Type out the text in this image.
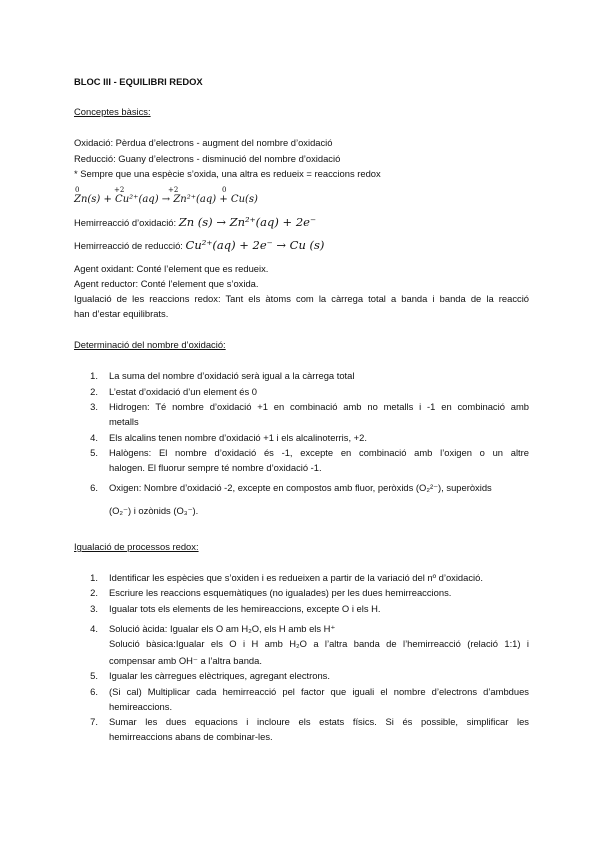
BLOC III - EQUILIBRI REDOX
Conceptes bàsics:
Oxidació: Pèrdua d’electrons - augment del nombre d’oxidació
Reducció: Guany d’electrons - disminució del nombre d’oxidació
* Sempre que una espècie s’oxida, una altra es redueix = reaccions redox
0	+2	+2	0
Zn(s) + Cu²⁺(aq) → Zn²⁺(aq) + Cu(s)
Hemirreacció d’oxidació: Zn (s) → Zn²⁺(aq) + 2e⁻
Hemirreacció de reducció: Cu²⁺(aq) + 2e⁻ → Cu (s)
Agent oxidant: Conté l’element que es redueix.
Agent reductor: Conté l’element que s’oxida.
Igualació de les reaccions redox: Tant els àtoms com la càrrega total a banda i banda de la reacció
han d’estar equilibrats.
Determinació del nombre d’oxidació:
1. La suma del nombre d’oxidació serà igual a la càrrega total
2. L’estat d’oxidació d’un element és 0
3. Hidrogen: Té nombre d’oxidació +1 en combinació amb no metalls i -1 en combinació amb
metalls
4. Els alcalins tenen nombre d’oxidació +1 i els alcalinoterris, +2.
5. Halògens: El nombre d’oxidació és -1, excepte en combinació amb l’oxigen o un altre
halogen. El fluorur sempre té nombre d’oxidació -1.
6. Oxigen: Nombre d’oxidació -2, excepte en compostos amb fluor, peròxids (O₂²⁻), superòxids
(O₂⁻) i ozònids (O₃⁻).
Igualació de processos redox:
1. Identificar les espècies que s’oxiden i es redueixen a partir de la variació del nº d’oxidació.
2. Escriure les reaccions esquemàtiques (no igualades) per les dues hemirreaccions.
3. Igualar tots els elements de les hemireaccions, excepte O i els H.
4. Solució àcida: Igualar els O am H₂O, els H amb els H⁺
Solució bàsica:Igualar els O i H amb H₂O a l’altra banda de l’hemirreacció (relació 1:1) i
compensar amb OH⁻ a l’altra banda.
5. Igualar les càrregues elèctriques, agregant electrons.
6. (Si cal) Multiplicar cada hemirreacció pel factor que iguali el nombre d’electrons d’ambdues
hemireaccions.
7. Sumar les dues equacions i incloure els estats físics. Si és possible, simplificar les
hemirreaccions abans de combinar-les.
